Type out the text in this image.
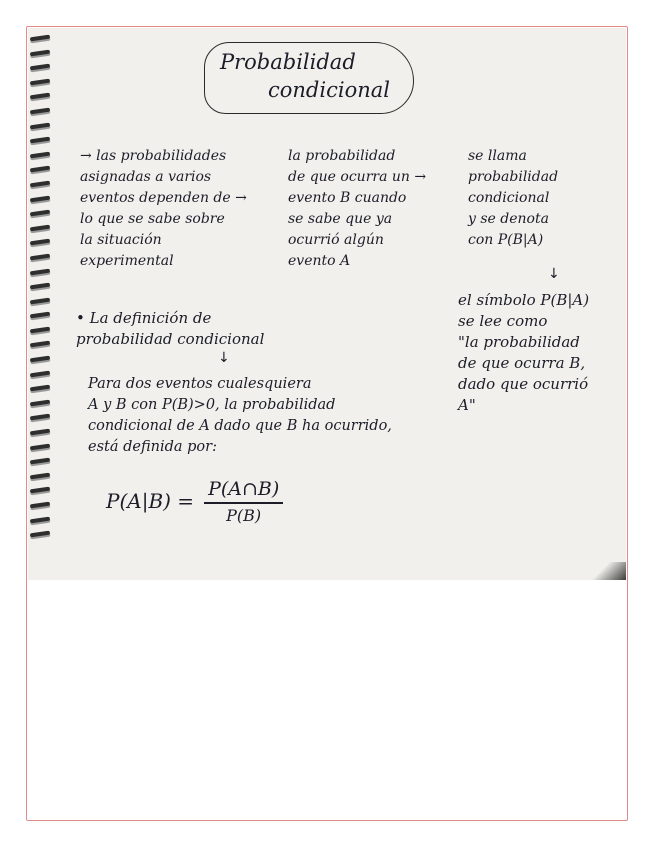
Probabilidad
condicional
→ las probabilidades
asignadas a varios
eventos dependen de →
lo que se sabe sobre
la situación
experimental
la probabilidad
de que ocurra un →
evento B cuando
se sabe que ya
ocurrió algún
evento A
se llama
probabilidad
condicional
y se denota
con P(B|A)
↓
el símbolo P(B|A)
se lee como
"la probabilidad
de que ocurra B,
dado que ocurrió
A"
• La definición de
probabilidad condicional
↓
Para dos eventos cualesquiera
A y B con P(B)>0, la probabilidad
condicional de A dado que B ha ocurrido,
está definida por:
$P(A|B) = \frac{P(A\cap B)}{P(B)}$
